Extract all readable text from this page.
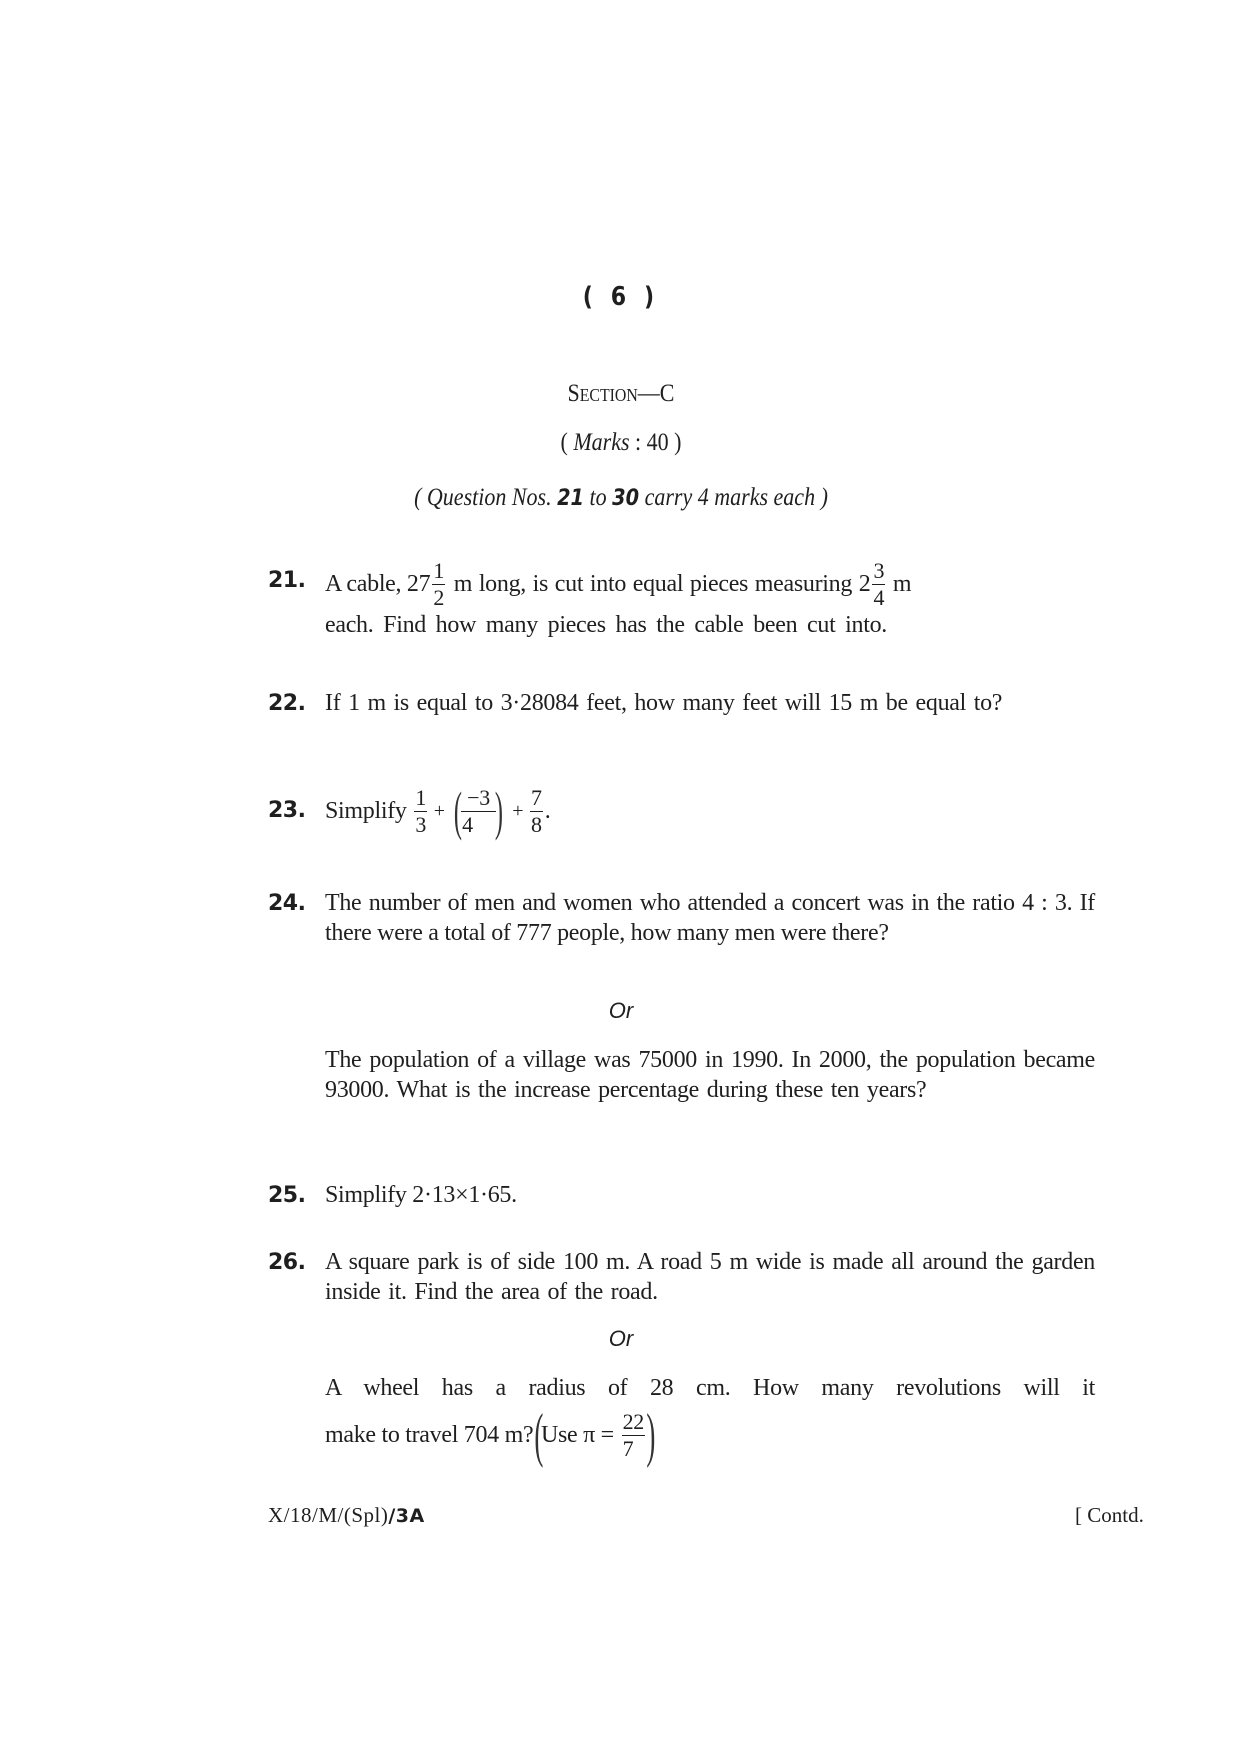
( 6 )
Section—C
( Marks : 40 )
( Question Nos. 21 to 30 carry 4 marks each )
21. A cable, $27 \frac{1}{2}$ m long, is cut into equal pieces measuring $2 \frac{3}{4}$ m
each. Find how many pieces has the cable been cut into.
22. If 1 m is equal to 3·28084 feet, how many feet will 15 m be equal to?
23. Simplify $\frac{1}{3}$ + (
$\frac{-3}{4}$
) + $\frac{7}{8}$ .
24. The number of men and women who attended a concert was in the ratio 4 : 3. If there were a total of 777 people, how many men were there?
Or
The population of a village was 75000 in 1990. In 2000, the population became 93000. What is the increase percentage during these ten years?
25. Simplify 2·13×1·65.
26. A square park is of side 100 m. A road 5 m wide is made all around the garden inside it. Find the area of the road.
Or
A wheel has a radius of 28 cm. How many revolutions will it
make to travel 704 m? (
Use $\pi = \frac{22}{7}$ )
X/18/M/(Spl)/3A	[ Contd.
